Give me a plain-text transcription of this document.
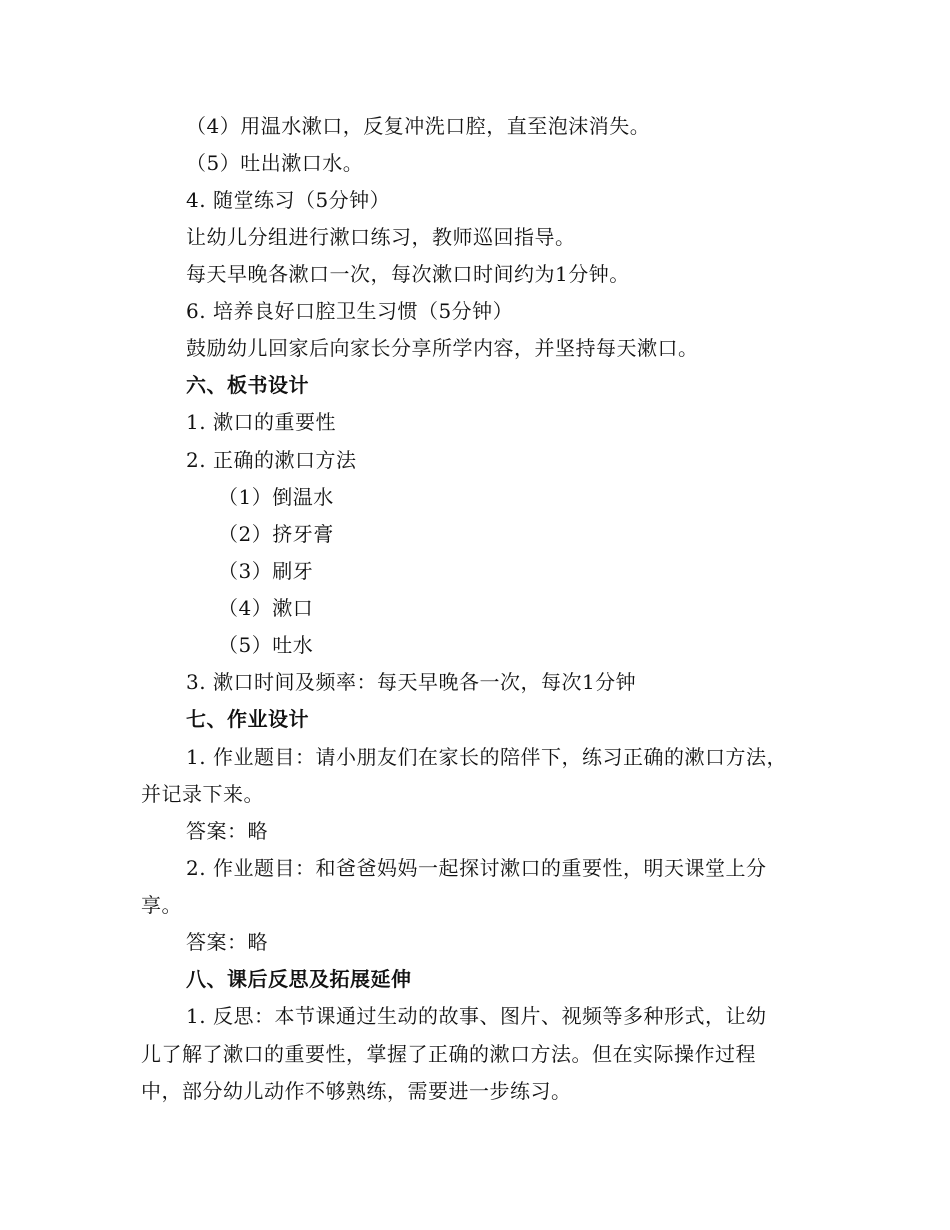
（4）用温水漱口，反复冲洗口腔，直至泡沫消失。
（5）吐出漱口水。
4. 随堂练习（5分钟）
让幼儿分组进行漱口练习，教师巡回指导。
每天早晚各漱口一次，每次漱口时间约为1分钟。
6. 培养良好口腔卫生习惯（5分钟）
鼓励幼儿回家后向家长分享所学内容，并坚持每天漱口。
六、板书设计
1. 漱口的重要性
2. 正确的漱口方法
（1）倒温水
（2）挤牙膏
（3）刷牙
（4）漱口
（5）吐水
3. 漱口时间及频率：每天早晚各一次，每次1分钟
七、作业设计
1. 作业题目：请小朋友们在家长的陪伴下，练习正确的漱口方法，
并记录下来。
答案：略
2. 作业题目：和爸爸妈妈一起探讨漱口的重要性，明天课堂上分
享。
答案：略
八、课后反思及拓展延伸
1. 反思：本节课通过生动的故事、图片、视频等多种形式，让幼
儿了解了漱口的重要性，掌握了正确的漱口方法。但在实际操作过程
中，部分幼儿动作不够熟练，需要进一步练习。
